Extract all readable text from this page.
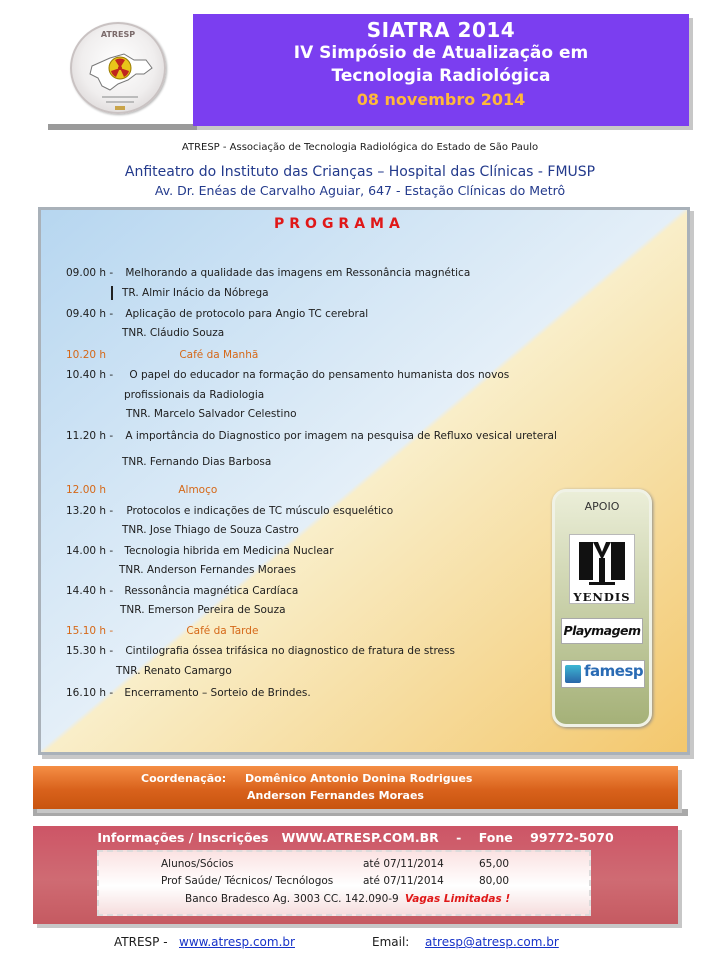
ATRESP	SIATRA 2014
IV Simpósio de Atualização em
Tecnologia Radiológica
08 novembro 2014
ATRESP - Associação de Tecnologia Radiológica do Estado de São Paulo
Anfiteatro do Instituto das Crianças – Hospital das Clínicas - FMUSP
Av. Dr. Enéas de Carvalho Aguiar, 647 - Estação Clínicas do Metrô
PROGRAMA
09.00 h - Melhorando a qualidade das imagens em Ressonância magnética
TR. Almir Inácio da Nóbrega
09.40 h - Aplicação de protocolo para Angio TC cerebral
TNR. Cláudio Souza
10.20 h	Café da Manhã
10.40 h - O papel do educador na formação do pensamento humanista dos novos
profissionais da Radiologia
TNR. Marcelo Salvador Celestino
11.20 h - A importância do Diagnostico por imagem na pesquisa de Refluxo vesical ureteral
TNR. Fernando Dias Barbosa
12.00 h	Almoço
13.20 h - Protocolos e indicações de TC músculo esquelético
TNR. Jose Thiago de Souza Castro
14.00 h - Tecnologia hibrida em Medicina Nuclear
TNR. Anderson Fernandes Moraes
14.40 h - Ressonância magnética Cardíaca
TNR. Emerson Pereira de Souza
15.10 h -	Café da Tarde
15.30 h - Cintilografia óssea trifásica no diagnostico de fratura de stress
TNR. Renato Camargo
16.10 h - Encerramento – Sorteio de Brindes.
APOIO
YENDIS
Playmagem
famesp
Coordenação: Domênico Antonio Donina Rodrigues
Anderson Fernandes Moraes
Informações / Inscrições   WWW.ATRESP.COM.BR    -    Fone    99772-5070
Alunos/Sócios	até 07/11/2014	65,00
Prof Saúde/ Técnicos/ Tecnólogos	até 07/11/2014	80,00
Banco Bradesco Ag. 3003 CC. 142.090-9 Vagas Limitadas !
ATRESP - www.atresp.com.br	Email: atresp@atresp.com.br
